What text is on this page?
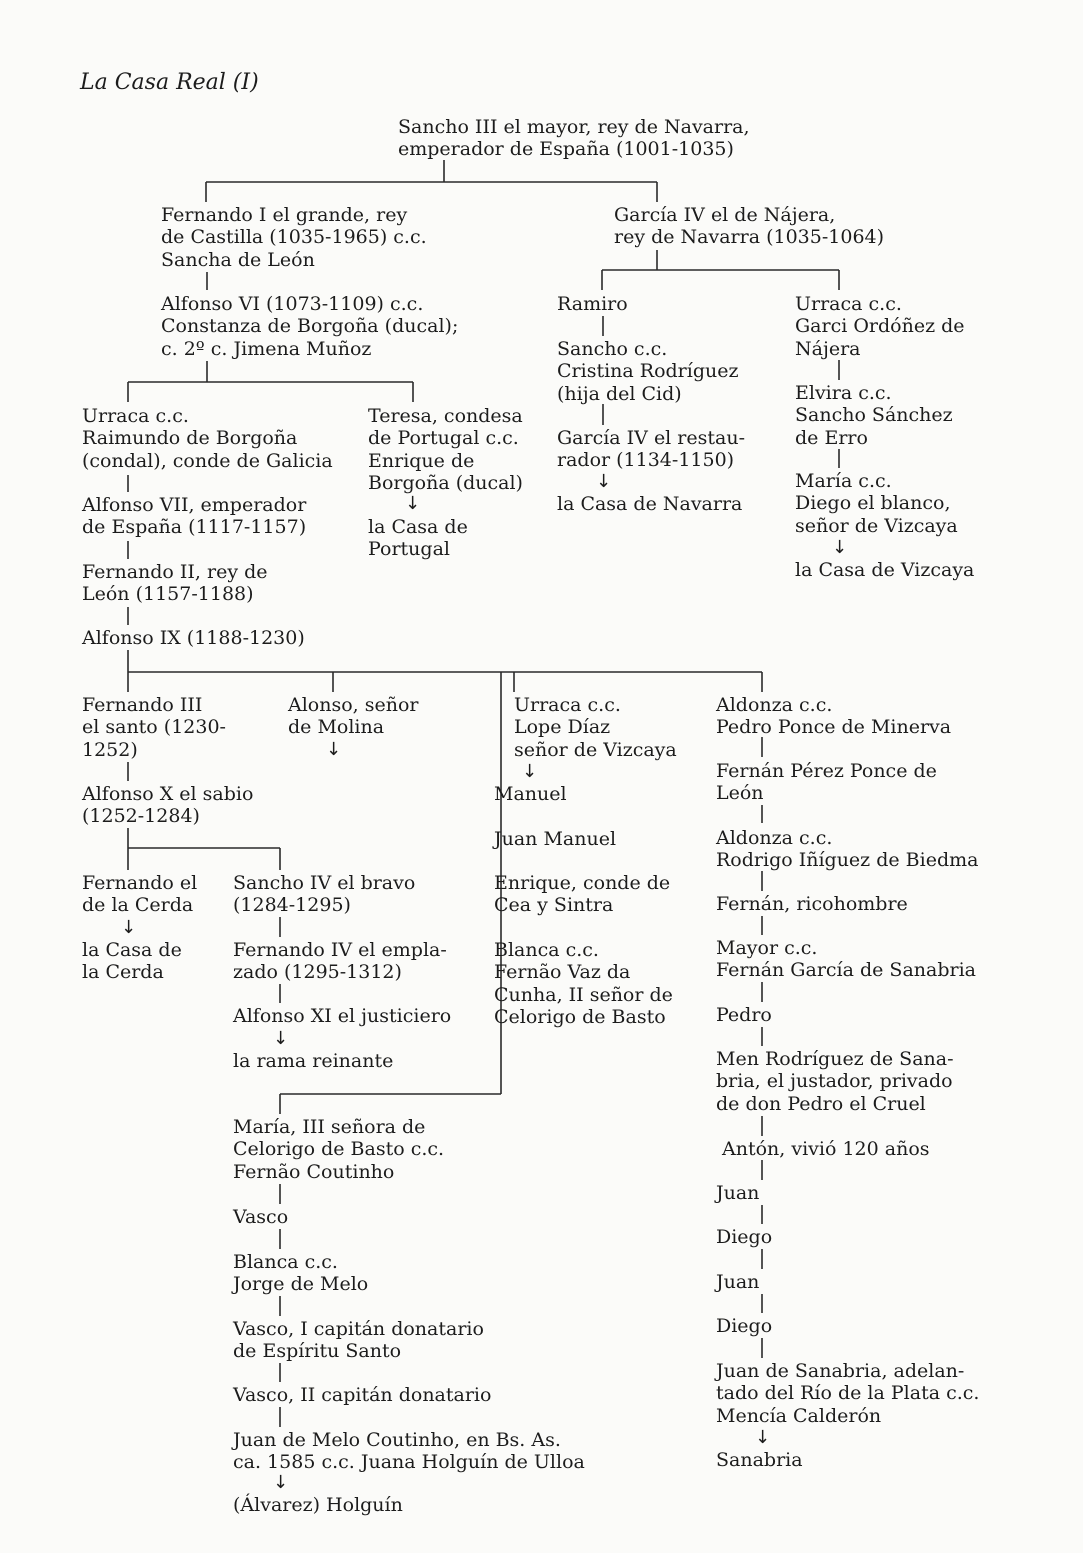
La Casa Real (I)
Sancho III el mayor, rey de Navarra,
emperador de España (1001-1035)
Fernando I el grande, rey
de Castilla (1035-1965) c.c.
Sancha de León
García IV el de Nájera,
rey de Navarra (1035-1064)
Alfonso VI (1073-1109) c.c.
Constanza de Borgoña (ducal);
c. 2º c. Jimena Muñoz
Ramiro	Urraca c.c.
Garci Ordóñez de
Nájera
Sancho c.c.
Cristina Rodríguez
(hija del Cid)	Elvira c.c.
Sancho Sánchez
de Erro
García IV el restau-
rador (1134-1150)
↓
la Casa de Navarra
María c.c.
Diego el blanco,
señor de Vizcaya
↓
la Casa de Vizcaya
Urraca c.c.
Raimundo de Borgoña
(condal), conde de Galicia
Teresa, condesa
de Portugal c.c.
Enrique de
Borgoña (ducal)
↓
la Casa de
Portugal
Alfonso VII, emperador
de España (1117-1157)
Fernando II, rey de
León (1157-1188)
Alfonso IX (1188-1230)
Fernando III
el santo (1230-
1252)
Alonso, señor
de Molina
↓
Urraca c.c.
Lope Díaz
señor de Vizcaya
↓
Aldonza c.c.
Pedro Ponce de Minerva
Manuel
Fernán Pérez Ponce de
León
Alfonso X el sabio
(1252-1284)
Juan Manuel	Aldonza c.c.
Rodrigo Iñíguez de Biedma
Fernando el
de la Cerda
↓
Sancho IV el bravo
(1284-1295)
Enrique, conde de
Cea y Sintra	Fernán, ricohombre
la Casa de
la Cerda
Fernando IV el empla-
zado (1295-1312)
Blanca c.c.
Fernão Vaz da
Cunha, II señor de
Celorigo de Basto
Mayor c.c.
Fernán García de Sanabria
Alfonso XI el justiciero
↓
Pedro
la rama reinante	Men Rodríguez de Sana-
bria, el justador, privado
de don Pedro el Cruel
María, III señora de
Celorigo de Basto c.c.
Fernão Coutinho
Antón, vivió 120 años
Vasco
Juan
Diego
Blanca c.c.
Jorge de Melo	Juan
Vasco, I capitán donatario
de Espíritu Santo
Diego
Juan de Sanabria, adelan-
tado del Río de la Plata c.c.
Mencía Calderón
Vasco, II capitán donatario
Juan de Melo Coutinho, en Bs. As.
ca. 1585 c.c. Juana Holguín de Ulloa
↓
Sanabria
↓
(Álvarez) Holguín
